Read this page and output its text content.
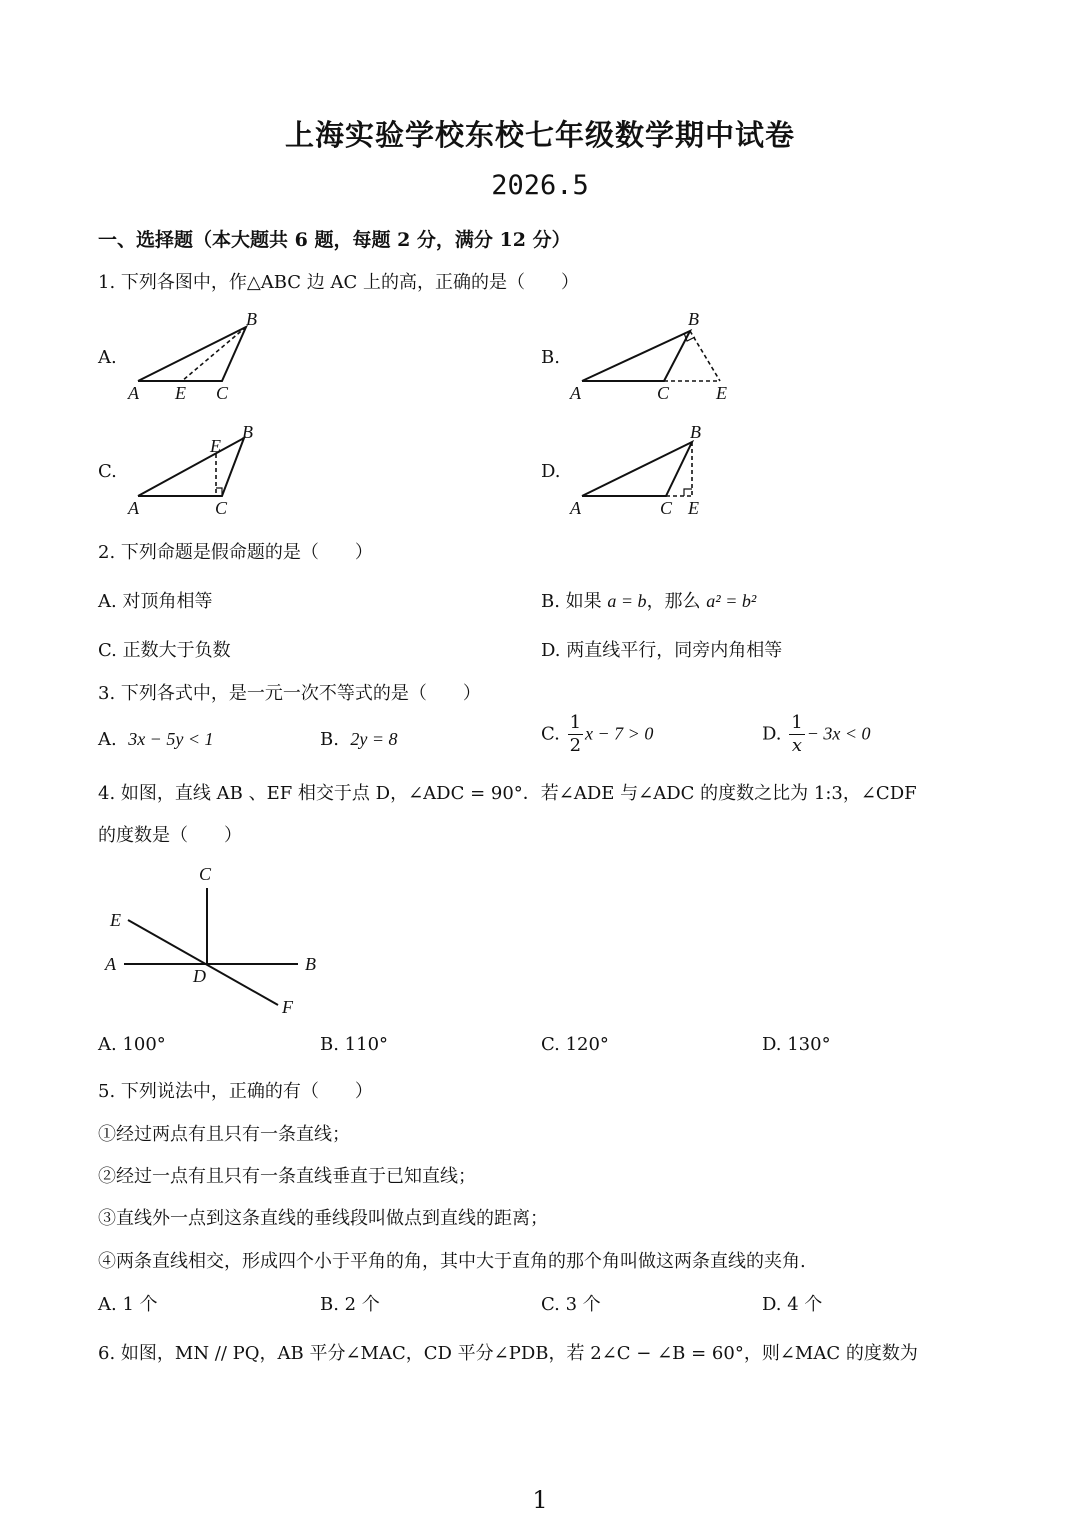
上海实验学校东校七年级数学期中试卷
2026.5
一、选择题（本大题共 6 题，每题 2 分，满分 12 分）
1. 下列各图中，作△ABC 边 AC 上的高，正确的是（　　）
A.
A E C
B
B.
A	C	E
B
C.
A	C
E
B
D.
A	C E
B
2. 下列命题是假命题的是（　　）
A. 对顶角相等	B. 如果 a = b，那么 a² = b²
C. 正数大于负数	D. 两直线平行，同旁内角相等
3. 下列各式中，是一元一次不等式的是（　　）
A. 3x − 5y < 1	B. 2y = 8	C. $\frac{1}{2}$ x − 7 > 0	D. $\frac{1}{x} - 3x < 0$
4. 如图，直线 AB 、EF 相交于点 D，∠ADC = 90°．若∠ADE 与∠ADC 的度数之比为 1:3，∠CDF
的度数是（　　）
C
E
A	B
D
F
A. 100°	B. 110°	C. 120°	D. 130°
5. 下列说法中，正确的有（　　）
①经过两点有且只有一条直线；
②经过一点有且只有一条直线垂直于已知直线；
③直线外一点到这条直线的垂线段叫做点到直线的距离；
④两条直线相交，形成四个小于平角的角，其中大于直角的那个角叫做这两条直线的夹角.
A. 1 个	B. 2 个	C. 3 个	D. 4 个
6. 如图，MN // PQ，AB 平分∠MAC，CD 平分∠PDB，若 2∠C − ∠B = 60°，则∠MAC 的度数为
1
